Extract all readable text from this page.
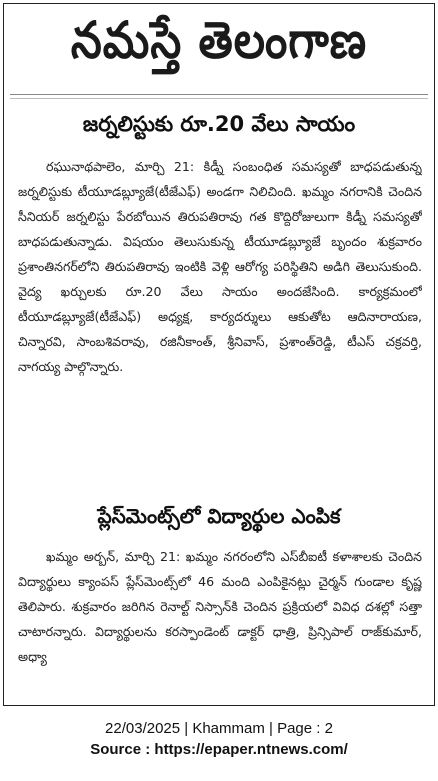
నమస్తే తెలంగాణ
జర్నలిస్టుకు రూ.20 వేలు సాయం

రఘునాథపాలెం, మార్చి 21: కిడ్నీ సంబంధిత సమస్యతో బాధపడుతున్న జర్నలిస్టుకు టీయూడబ్ల్యూజే(టీజేఎఫ్) అండగా నిలిచింది. ఖమ్మం నగరానికి చెందిన సీనియర్ జర్నలిస్టు పేరబోయిన తిరుపతిరావు గత కొద్దిరోజులుగా కిడ్నీ సమస్యతో బాధపడుతున్నాడు. విషయం తెలుసుకున్న టీయూడబ్ల్యూజే బృందం శుక్రవారం ప్రశాంతినగర్‌లోని తిరుపతిరావు ఇంటికి వెళ్లి ఆరోగ్య పరిస్థితిని అడిగి తెలుసుకుంది. వైద్య ఖర్చులకు రూ.20 వేలు సాయం అందజేసింది. కార్యక్రమంలో టీయూడబ్ల్యూజే(టీజేఎఫ్) అధ్యక్ష, కార్యదర్శులు ఆకుతోట ఆదినారాయణ, చిన్నారవి, సాంబశివరావు, రజినీకాంత్, శ్రీనివాస్, ప్రశాంత్‌రెడ్డి, టీఎస్ చక్రవర్తి, నాగయ్య పాల్గొన్నారు.

ప్లేస్‌మెంట్స్‌లో విద్యార్థుల ఎంపిక

ఖమ్మం అర్బన్, మార్చి 21: ఖమ్మం నగరంలోని ఎస్‌బీఐటీ కళాశాలకు చెందిన విద్యార్థులు క్యాంపస్ ప్లేస్‌మెంట్స్‌లో 46 మంది ఎంపికైనట్లు చైర్మన్ గుండాల కృష్ణ తెలిపారు. శుక్రవారం జరిగిన రెనాల్ట్ నిస్సాన్‌కి చెందిన ప్రక్రియలో వివిధ దశల్లో సత్తా చాటారన్నారు. విద్యార్థులను కరస్పాండెంట్ డాక్టర్ ధాత్రి, ప్రిన్సిపాల్ రాజ్‌కుమార్, అధ్యా

22/03/2025 | Khammam | Page : 2
Source : https://epaper.ntnews.com/
